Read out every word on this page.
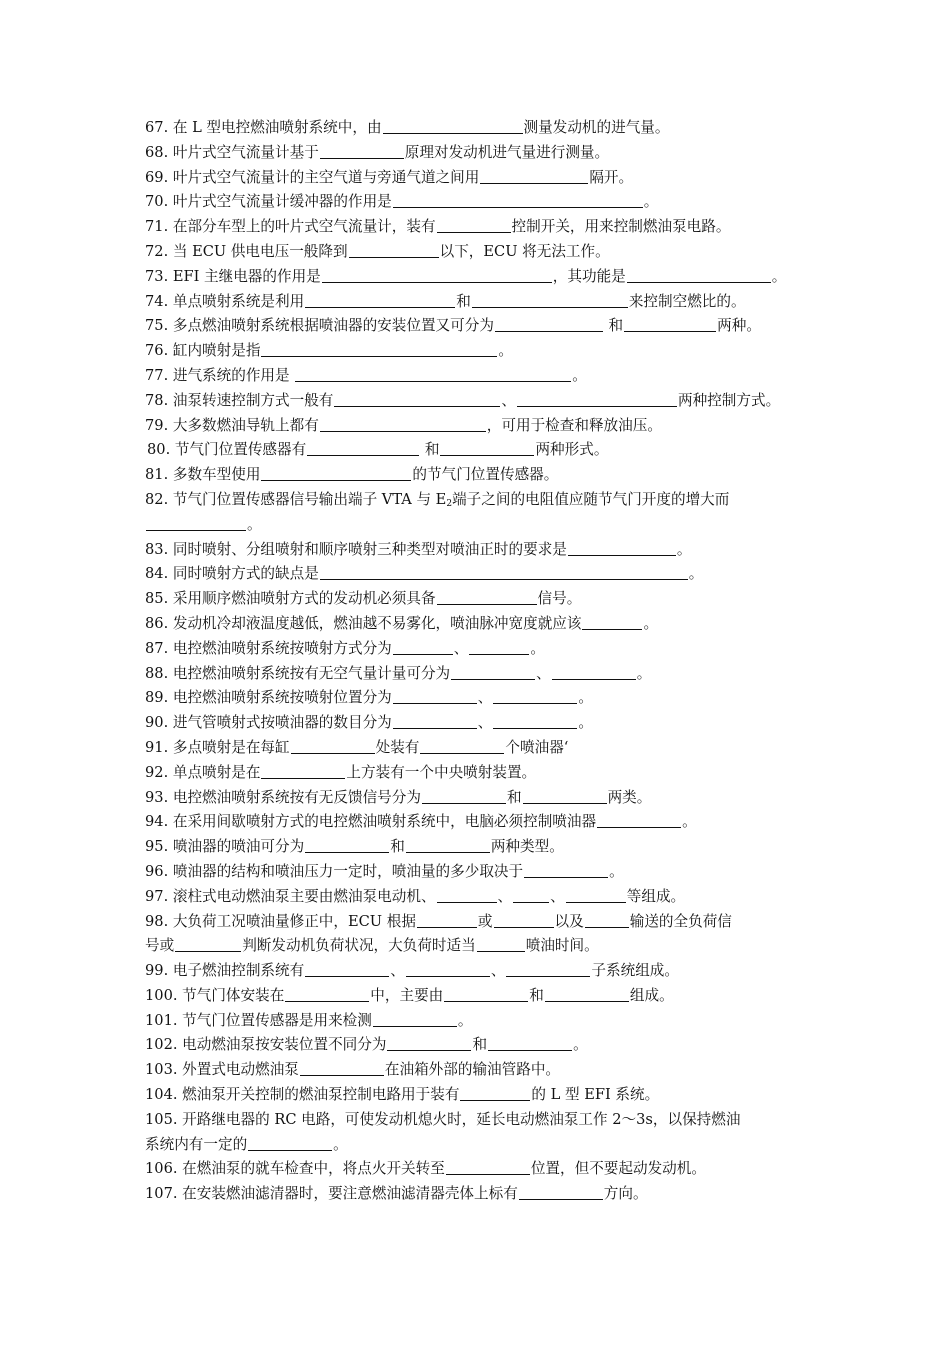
67. 在 L 型电控燃油喷射系统中，由	测量发动机的进气量。
68. 叶片式空气流量计基于	原理对发动机进气量进行测量。
69. 叶片式空气流量计的主空气道与旁通气道之间用	隔开。
70. 叶片式空气流量计缓冲器的作用是	。
71. 在部分车型上的叶片式空气流量计，装有	控制开关，用来控制燃油泵电路。
72. 当 ECU 供电电压一般降到	以下，ECU 将无法工作。
73. EFI 主继电器的作用是	，其功能是	。
74. 单点喷射系统是利用	和	来控制空燃比的。
75. 多点燃油喷射系统根据喷油器的安装位置又可分为	和	两种。
76. 缸内喷射是指	。
77. 进气系统的作用是	。
78. 油泵转速控制方式一般有	、	两种控制方式。
79. 大多数燃油导轨上都有	，可用于检查和释放油压。
80. 节气门位置传感器有	和	两种形式。
81. 多数车型使用	的节气门位置传感器。
82. 节气门位置传感器信号输出端子 VTA 与 $E_2$端子之间的电阻值应随节气门开度的增大而
。
83. 同时喷射、分组喷射和顺序喷射三种类型对喷油正时的要求是	。
84. 同时喷射方式的缺点是	。
85. 采用顺序燃油喷射方式的发动机必须具备	信号。
86. 发动机冷却液温度越低，燃油越不易雾化，喷油脉冲宽度就应该	。
87. 电控燃油喷射系统按喷射方式分为	、	。
88. 电控燃油喷射系统按有无空气量计量可分为	、	。
89. 电控燃油喷射系统按喷射位置分为	、	。
90. 进气管喷射式按喷油器的数目分为	、	。
91. 多点喷射是在每缸	处装有	个喷油器‘
92. 单点喷射是在	上方装有一个中央喷射装置。
93. 电控燃油喷射系统按有无反馈信号分为	和	两类。
94. 在采用间歇喷射方式的电控燃油喷射系统中，电脑必须控制喷油器	。
95. 喷油器的喷油可分为	和	两种类型。
96. 喷油器的结构和喷油压力一定时，喷油量的多少取决于	。
97. 滚柱式电动燃油泵主要由燃油泵电动机、	、	、	等组成。
98. 大负荷工况喷油量修正中，ECU 根据	或	以及	输送的全负荷信
号或	判断发动机负荷状况，大负荷时适当	喷油时间。
99. 电子燃油控制系统有	、	、	子系统组成。
100. 节气门体安装在	中，主要由	和	组成。
101. 节气门位置传感器是用来检测	。
102. 电动燃油泵按安装位置不同分为	和	。
103. 外置式电动燃油泵	在油箱外部的输油管路中。
104. 燃油泵开关控制的燃油泵控制电路用于装有	的 L 型 EFI 系统。
105. 开路继电器的 RC 电路，可使发动机熄火时，延长电动燃油泵工作 2～3s，以保持燃油
系统内有一定的	。
106. 在燃油泵的就车检查中，将点火开关转至	位置，但不要起动发动机。
107. 在安装燃油滤清器时，要注意燃油滤清器壳体上标有	方向。
